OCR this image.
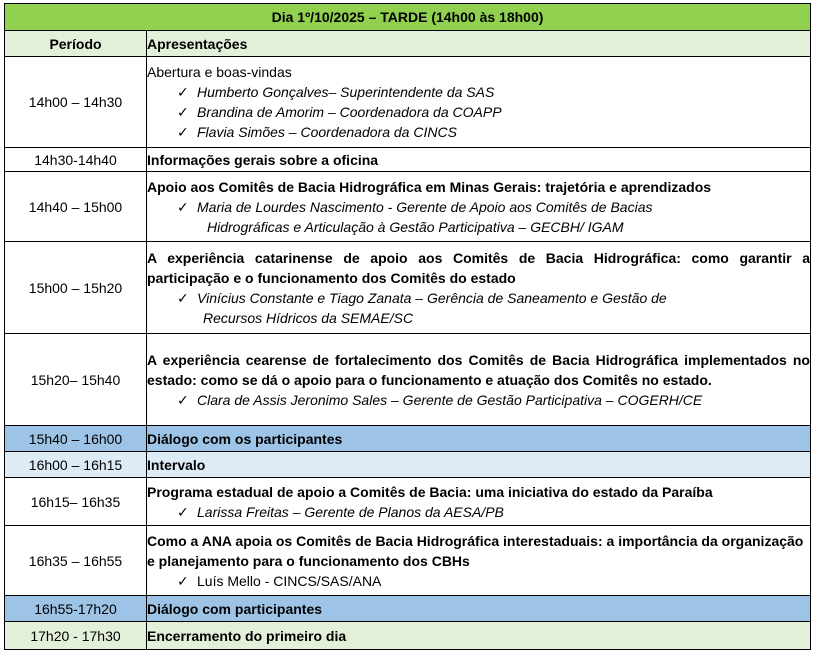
Dia 1º/10/2025 – TARDE (14h00 às 18h00)	
Período	Apresentações
14h00 – 14h30	Abertura e boas-vindas
✓ Humberto Gonçalves– Superintendente da SAS
✓ Brandina de Amorim – Coordenadora da COAPP
✓ Flavia Simões – Coordenadora da CINCS

14h30-14h40	Informações gerais sobre a oficina
14h40 – 15h00	Apoio aos Comitês de Bacia Hidrográfica em Minas Gerais: trajetória e aprendizados
✓ Maria de Lourdes Nascimento - Gerente de Apoio aos Comitês de Bacias
Hidrográficas e Articulação à Gestão Participativa – GECBH/ IGAM

15h00 – 15h20	A experiência catarinense de apoio aos Comitês de Bacia Hidrográfica: como garantir a participação e o funcionamento dos Comitês do estado
✓ Vinícius Constante e Tiago Zanata – Gerência de Saneamento e Gestão de
Recursos Hídricos da SEMAE/SC

15h20– 15h40	A experiência cearense de fortalecimento dos Comitês de Bacia Hidrográfica implementados no estado: como se dá o apoio para o funcionamento e atuação dos Comitês no estado.
✓ Clara de Assis Jeronimo Sales – Gerente de Gestão Participativa – COGERH/CE

15h40 – 16h00	Diálogo com os participantes
16h00 – 16h15	Intervalo
16h15– 16h35	Programa estadual de apoio a Comitês de Bacia: uma iniciativa do estado da Paraíba
✓ Larissa Freitas – Gerente de Planos da AESA/PB

16h35 – 16h55	Como a ANA apoia os Comitês de Bacia Hidrográfica interestaduais: a importância da organização e planejamento para o funcionamento dos CBHs
✓ Luís Mello - CINCS/SAS/ANA

16h55-17h20	Diálogo com participantes
17h20 - 17h30	Encerramento do primeiro dia
